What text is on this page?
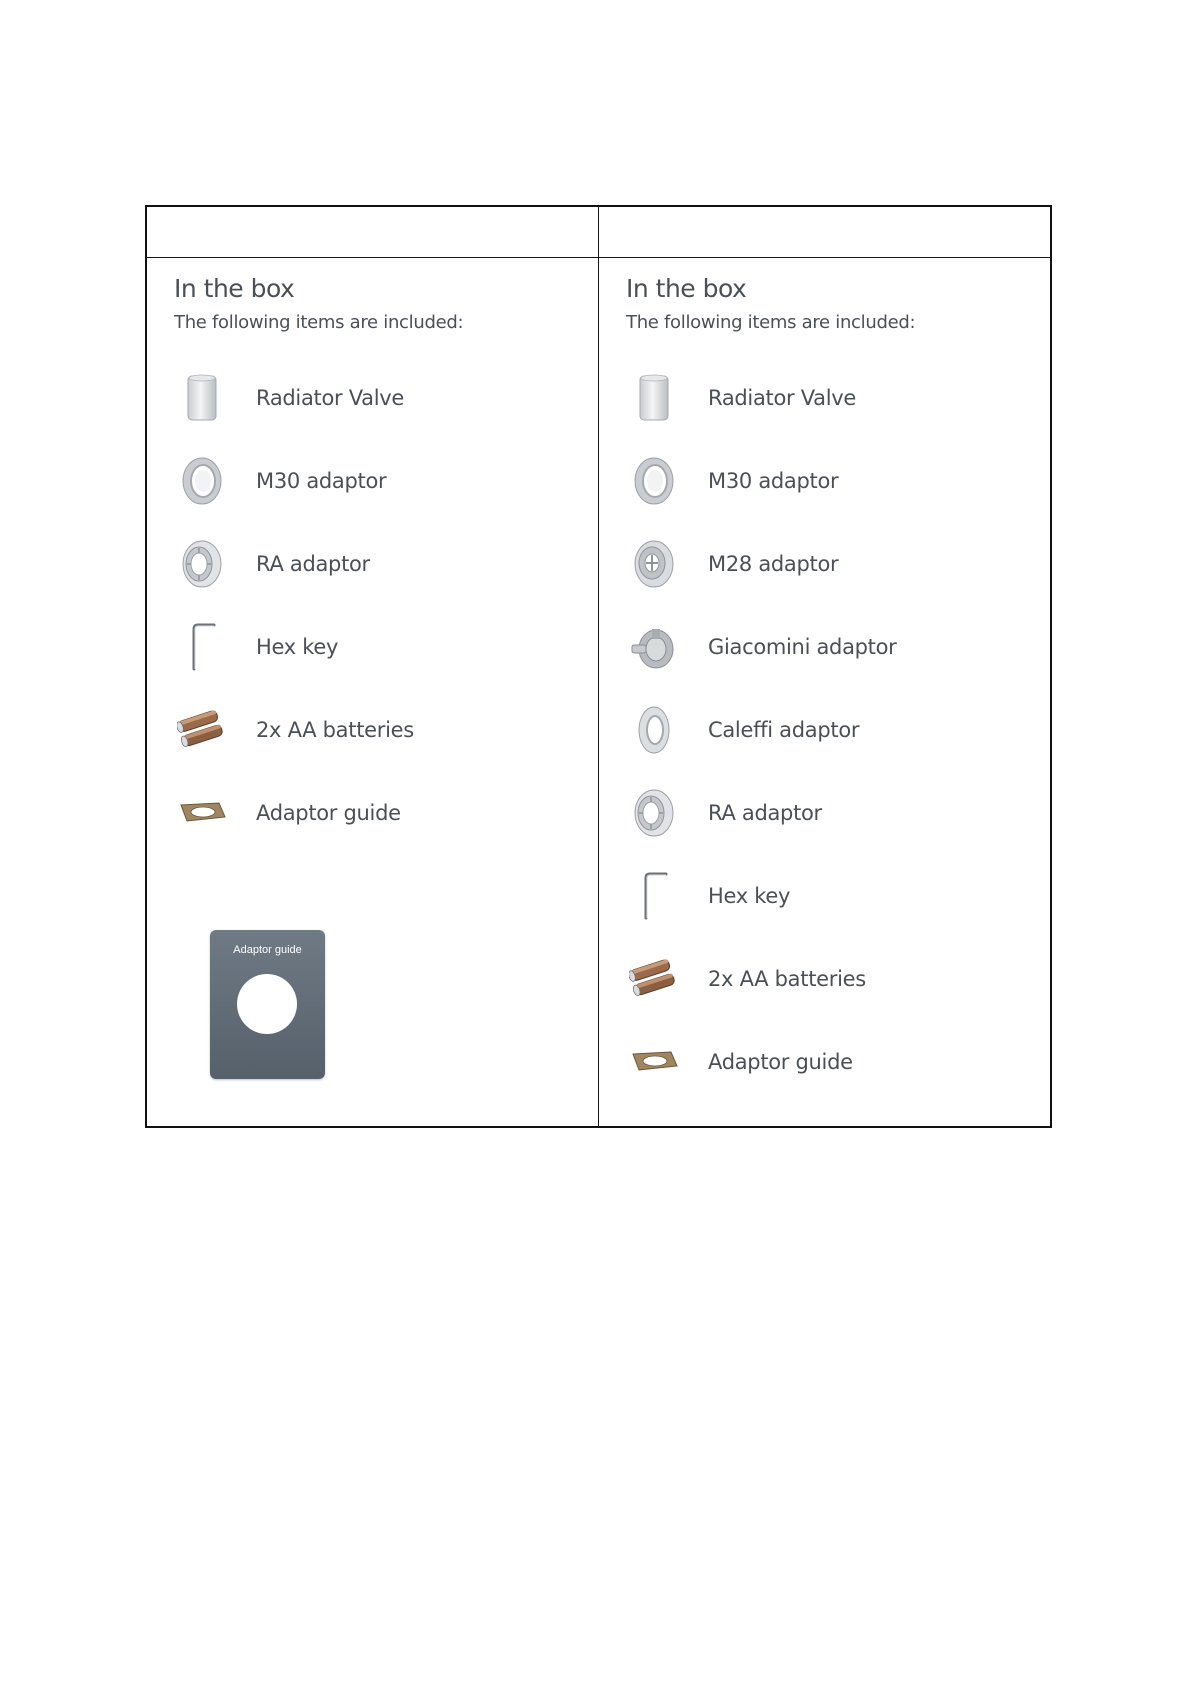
In the box

The following items are included:

Radiator Valve
M30 adaptor
RA adaptor
Hex key
2x AA batteries
Adaptor guide
Adaptor guide
In the box

The following items are included:

Radiator Valve
M30 adaptor
M28 adaptor
Giacomini adaptor
Caleffi adaptor
RA adaptor
Hex key
2x AA batteries
Adaptor guide
